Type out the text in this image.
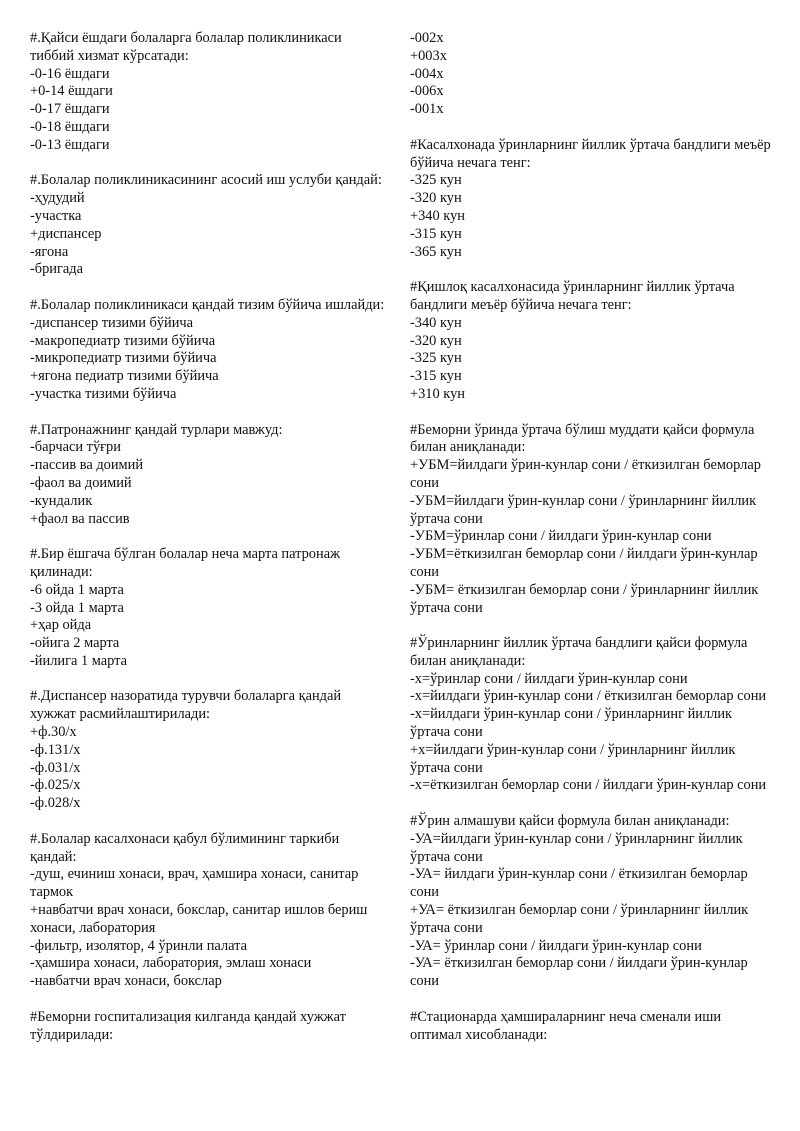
#.Қайси ёшдаги болаларга болалар поликлиникаси тиббий хизмат кўрсатади:
-0-16 ёшдаги
+0-14 ёшдаги
-0-17 ёшдаги
-0-18 ёшдаги
-0-13 ёшдаги
#.Болалар поликлиникасининг асосий иш услуби қандай:
-ҳудудий
-участка
+диспансер
-ягона
-бригада
#.Болалар поликлиникаси қандай тизим бўйича ишлайди:
-диспансер тизими бўйича
-макропедиатр тизими бўйича
-микропедиатр тизими бўйича
+ягона педиатр тизими бўйича
-участка тизими бўйича
#.Патронажнинг қандай турлари мавжуд:
-барчаси тўғри
-пассив ва доимий
-фаол ва доимий
-кундалик
+фаол ва пассив
#.Бир ёшгача бўлган болалар неча марта патронаж қилинади:
-6 ойда 1 марта
-3 ойда 1 марта
+ҳар ойда
-ойига 2 марта
-йилига 1 марта
#.Диспансер назоратида турувчи болаларга қандай хужжат расмийлаштирилади:
+ф.30/х
-ф.131/х
-ф.031/х
-ф.025/х
-ф.028/х
#.Болалар касалхонаси қабул бўлимининг таркиби қандай:
-душ, ечиниш хонаси, врач, ҳамшира хонаси, санитар тармок
+навбатчи врач хонаси, бокслар, санитар ишлов бериш хонаси, лаборатория
-фильтр, изолятор, 4 ўринли палата
-ҳамшира хонаси, лаборатория, эмлаш хонаси
-навбатчи врач хонаси, бокслар
#Беморни госпитализация килганда қандай хужжат тўлдирилади:
-002х
+003х
-004х
-006х
-001х
#Касалхонада ўринларнинг йиллик ўртача бандлиги меъёр бўйича нечага тенг:
-325 кун
-320 кун
+340 кун
-315 кун
-365 кун
#Қишлоқ касалхонасида ўринларнинг йиллик ўртача бандлиги меъёр бўйича нечага тенг:
-340 кун
-320 кун
-325 кун
-315 кун
+310 кун
#Беморни ўринда ўртача бўлиш муддати қайси формула билан аниқланади:
+УБМ=йилдаги ўрин-кунлар сони / ёткизилган беморлар сони
-УБМ=йилдаги ўрин-кунлар сони / ўринларнинг йиллик ўртача сони
-УБМ=ўринлар сони / йилдаги ўрин-кунлар сони
-УБМ=ёткизилган беморлар сони / йилдаги ўрин-кунлар сони
-УБМ= ёткизилган беморлар сони / ўринларнинг йиллик ўртача сони
#Ўринларнинг йиллик ўртача бандлиги қайси формула билан аниқланади:
-х=ўринлар сони / йилдаги ўрин-кунлар сони
-х=йилдаги ўрин-кунлар сони / ёткизилган беморлар сони
-х=йилдаги ўрин-кунлар сони / ўринларнинг йиллик ўртача сони
+х=йилдаги ўрин-кунлар сони / ўринларнинг йиллик ўртача сони
-х=ёткизилган беморлар сони / йилдаги ўрин-кунлар сони
#Ўрин алмашуви қайси формула билан аниқланади:
-УА=йилдаги ўрин-кунлар сони / ўринларнинг йиллик ўртача сони
-УА= йилдаги ўрин-кунлар сони / ёткизилган беморлар сони
+УА= ёткизилган беморлар сони / ўринларнинг йиллик ўртача сони
-УА= ўринлар сони / йилдаги ўрин-кунлар сони
-УА= ёткизилган беморлар сони / йилдаги ўрин-кунлар сони
#Стационарда ҳамшираларнинг неча сменали иши оптимал хисобланади:
